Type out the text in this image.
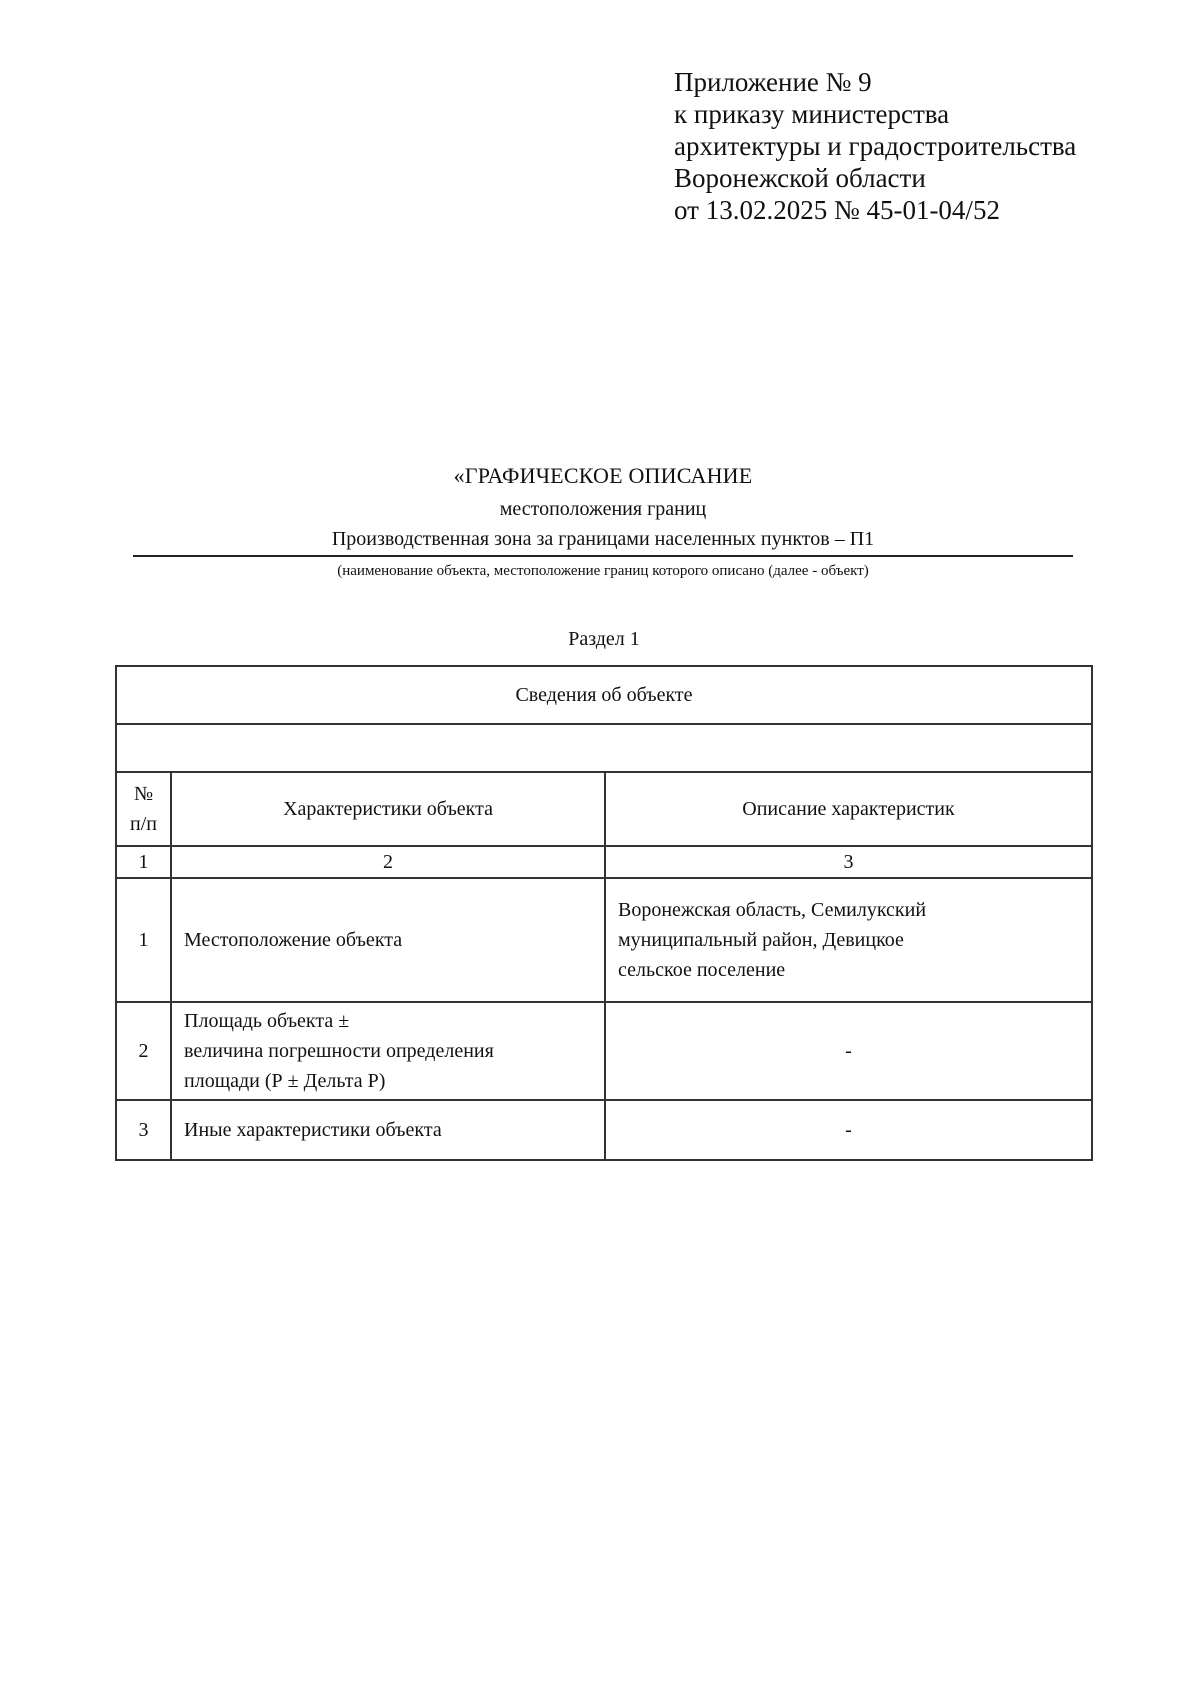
Приложение № 9
к приказу министерства
архитектуры и градостроительства
Воронежской области
от 13.02.2025 № 45-01-04/52
«ГРАФИЧЕСКОЕ ОПИСАНИЕ
местоположения границ
Производственная зона за границами населенных пунктов – П1
(наименование объекта, местоположение границ которого описано (далее - объект)
Раздел 1
Сведения об объекте		

№
п/п	Характеристики объекта	Описание характеристик
1	2	3
1	Местоположение объекта	Воронежская область, Семилукский
муниципальный район, Девицкое
сельское поселение

2	Площадь объекта ±
величина погрешности определения
площади (Р ± Дельта Р)	-
3	Иные характеристики объекта	-
